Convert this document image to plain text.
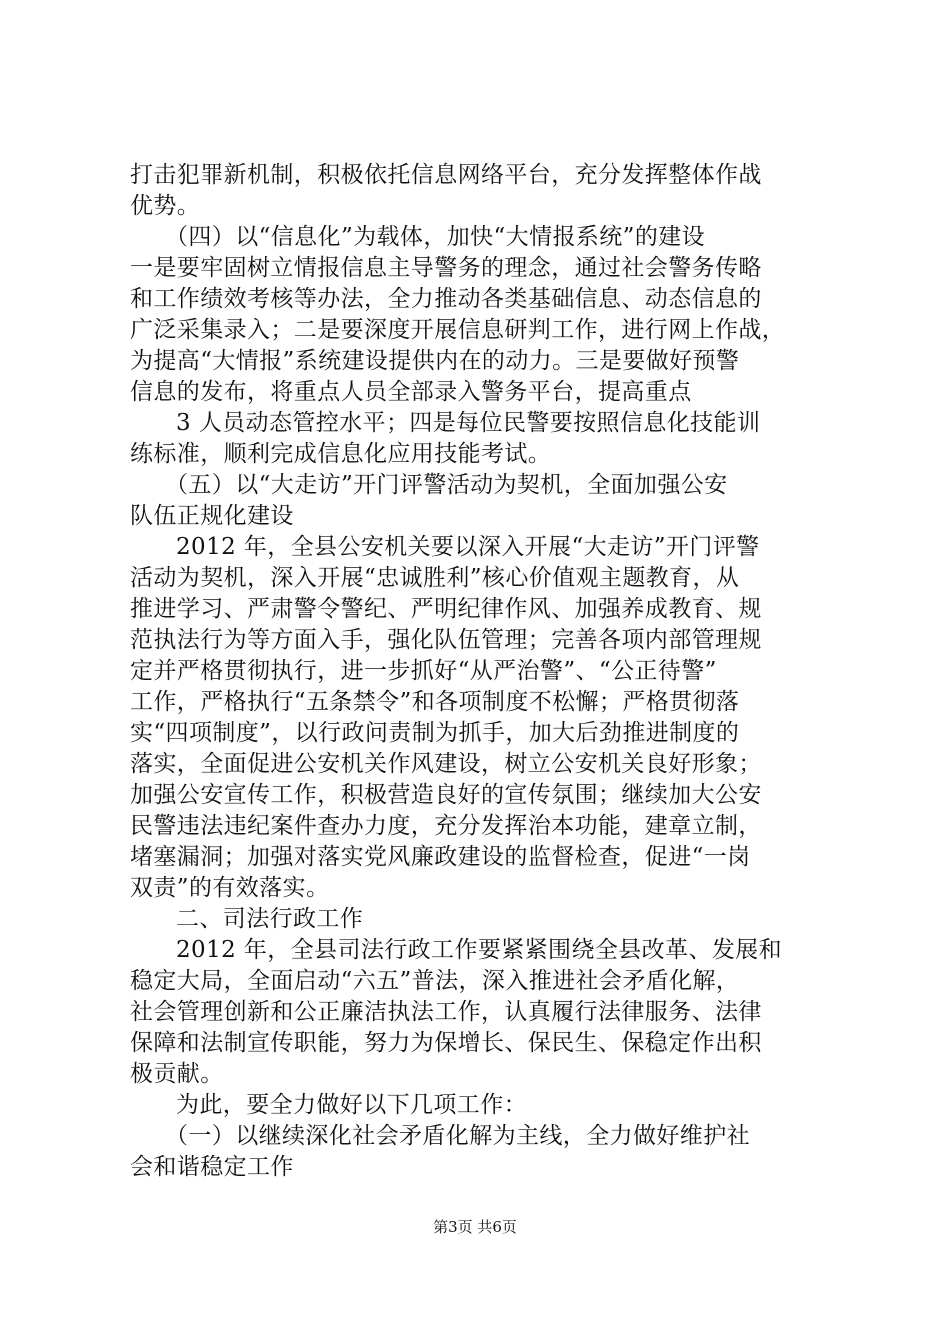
打击犯罪新机制，积极依托信息网络平台，充分发挥整体作战
优势。
（四）以“信息化”为载体，加快“大情报系统”的建设
一是要牢固树立情报信息主导警务的理念，通过社会警务传略
和工作绩效考核等办法，全力推动各类基础信息、动态信息的
广泛采集录入；二是要深度开展信息研判工作，进行网上作战，
为提高“大情报”系统建设提供内在的动力。三是要做好预警
信息的发布，将重点人员全部录入警务平台，提高重点
3 人员动态管控水平；四是每位民警要按照信息化技能训
练标准，顺利完成信息化应用技能考试。
（五）以“大走访”开门评警活动为契机，全面加强公安
队伍正规化建设
2012 年，全县公安机关要以深入开展“大走访”开门评警
活动为契机，深入开展“忠诚胜利”核心价值观主题教育，从
推进学习、严肃警令警纪、严明纪律作风、加强养成教育、规
范执法行为等方面入手，强化队伍管理；完善各项内部管理规
定并严格贯彻执行，进一步抓好“从严治警”、“公正待警”
工作，严格执行“五条禁令”和各项制度不松懈；严格贯彻落
实“四项制度”，以行政问责制为抓手，加大后劲推进制度的
落实，全面促进公安机关作风建设，树立公安机关良好形象；
加强公安宣传工作，积极营造良好的宣传氛围；继续加大公安
民警违法违纪案件查办力度，充分发挥治本功能，建章立制，
堵塞漏洞；加强对落实党风廉政建设的监督检查，促进“一岗
双责”的有效落实。
二、司法行政工作
2012 年，全县司法行政工作要紧紧围绕全县改革、发展和
稳定大局，全面启动“六五”普法，深入推进社会矛盾化解，
社会管理创新和公正廉洁执法工作，认真履行法律服务、法律
保障和法制宣传职能，努力为保增长、保民生、保稳定作出积
极贡献。
为此，要全力做好以下几项工作：
（一）以继续深化社会矛盾化解为主线，全力做好维护社
会和谐稳定工作
第3页 共6页
